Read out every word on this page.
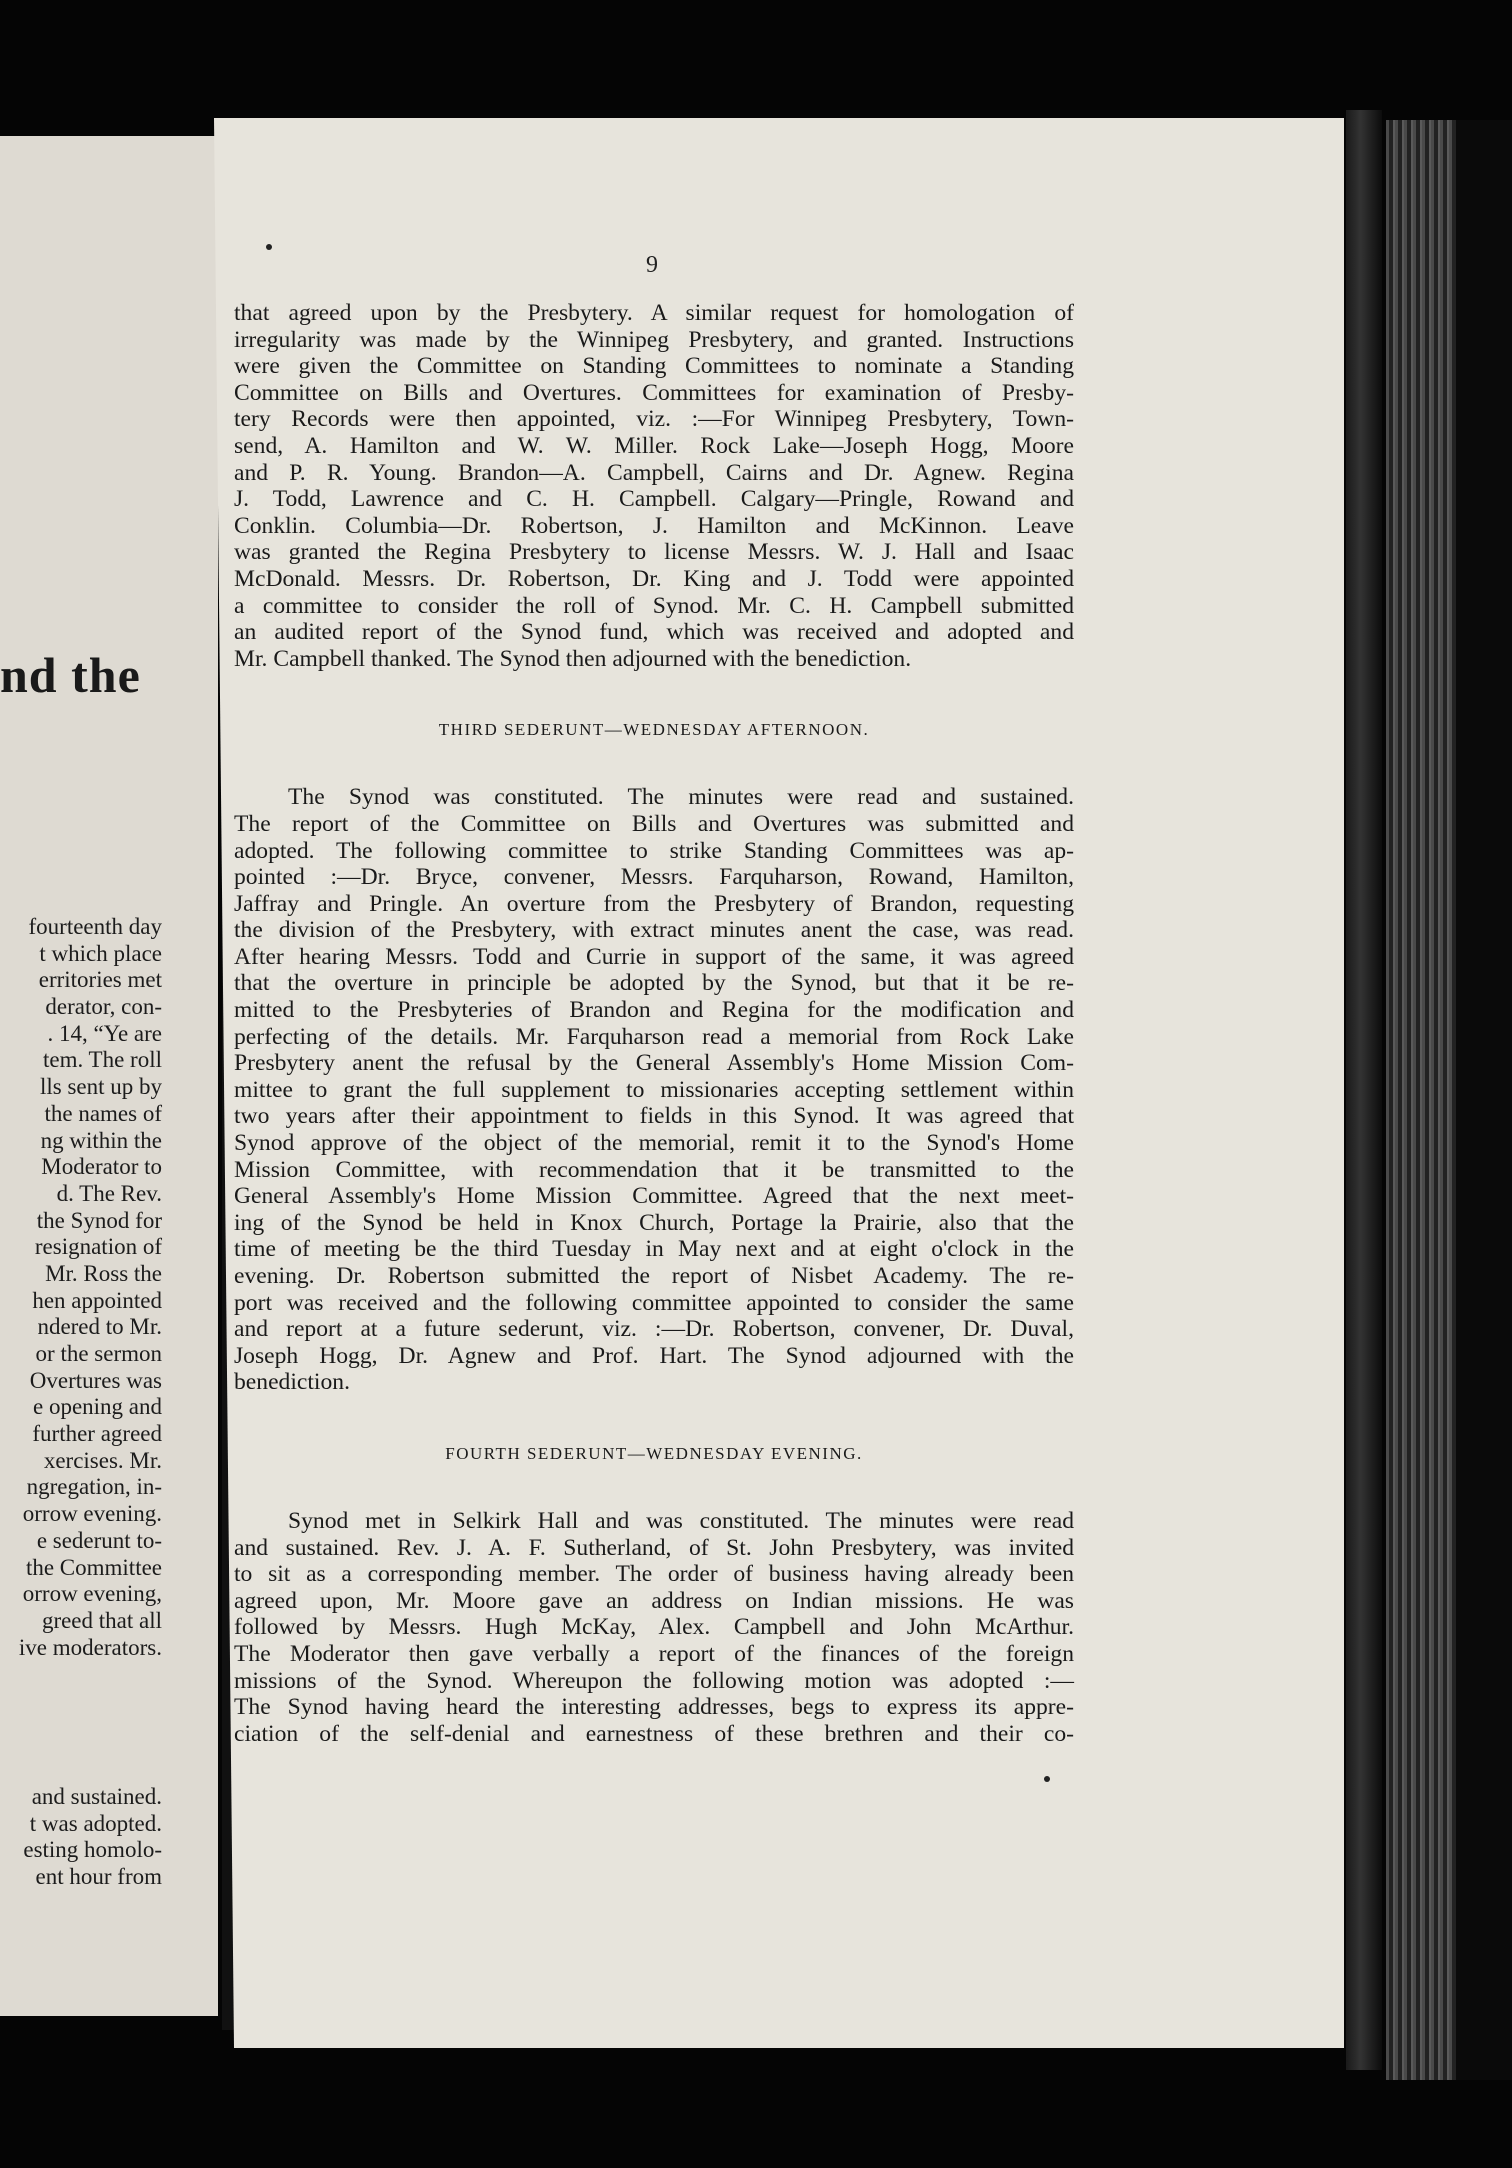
nd the
fourteenth day
t which place
erritories met
derator, con-
. 14, “Ye are
tem. The roll
lls sent up by
the names of
ng within the
Moderator to
d. The Rev.
the Synod for
resignation of
Mr. Ross the
hen appointed
ndered to Mr.
or the sermon
Overtures was
e opening and
further agreed
xercises. Mr.
ngregation, in-
orrow evening.
e sederunt to-
the Committee
orrow evening,
greed that all
ive moderators.
and sustained.
t was adopted.
esting homolo-
ent hour from
9
that agreed upon by the Presbytery. A similar request for homologation of
irregularity was made by the Winnipeg Presbytery, and granted. Instructions
were given the Committee on Standing Committees to nominate a Standing
Committee on Bills and Overtures. Committees for examination of Presby-
tery Records were then appointed, viz. :—For Winnipeg Presbytery, Town-
send, A. Hamilton and W. W. Miller. Rock Lake—Joseph Hogg, Moore
and P. R. Young. Brandon—A. Campbell, Cairns and Dr. Agnew. Regina
J. Todd, Lawrence and C. H. Campbell. Calgary—Pringle, Rowand and
Conklin. Columbia—Dr. Robertson, J. Hamilton and McKinnon. Leave
was granted the Regina Presbytery to license Messrs. W. J. Hall and Isaac
McDonald. Messrs. Dr. Robertson, Dr. King and J. Todd were appointed
a committee to consider the roll of Synod. Mr. C. H. Campbell submitted
an audited report of the Synod fund, which was received and adopted and
Mr. Campbell thanked. The Synod then adjourned with the benediction.
THIRD SEDERUNT—WEDNESDAY AFTERNOON.
The Synod was constituted. The minutes were read and sustained.
The report of the Committee on Bills and Overtures was submitted and
adopted. The following committee to strike Standing Committees was ap-
pointed :—Dr. Bryce, convener, Messrs. Farquharson, Rowand, Hamilton,
Jaffray and Pringle. An overture from the Presbytery of Brandon, requesting
the division of the Presbytery, with extract minutes anent the case, was read.
After hearing Messrs. Todd and Currie in support of the same, it was agreed
that the overture in principle be adopted by the Synod, but that it be re-
mitted to the Presbyteries of Brandon and Regina for the modification and
perfecting of the details. Mr. Farquharson read a memorial from Rock Lake
Presbytery anent the refusal by the General Assembly's Home Mission Com-
mittee to grant the full supplement to missionaries accepting settlement within
two years after their appointment to fields in this Synod. It was agreed that
Synod approve of the object of the memorial, remit it to the Synod's Home
Mission Committee, with recommendation that it be transmitted to the
General Assembly's Home Mission Committee. Agreed that the next meet-
ing of the Synod be held in Knox Church, Portage la Prairie, also that the
time of meeting be the third Tuesday in May next and at eight o'clock in the
evening. Dr. Robertson submitted the report of Nisbet Academy. The re-
port was received and the following committee appointed to consider the same
and report at a future sederunt, viz. :—Dr. Robertson, convener, Dr. Duval,
Joseph Hogg, Dr. Agnew and Prof. Hart. The Synod adjourned with the
benediction.
FOURTH SEDERUNT—WEDNESDAY EVENING.
Synod met in Selkirk Hall and was constituted. The minutes were read
and sustained. Rev. J. A. F. Sutherland, of St. John Presbytery, was invited
to sit as a corresponding member. The order of business having already been
agreed upon, Mr. Moore gave an address on Indian missions. He was
followed by Messrs. Hugh McKay, Alex. Campbell and John McArthur.
The Moderator then gave verbally a report of the finances of the foreign
missions of the Synod. Whereupon the following motion was adopted :—
The Synod having heard the interesting addresses, begs to express its appre-
ciation of the self-denial and earnestness of these brethren and their co-
